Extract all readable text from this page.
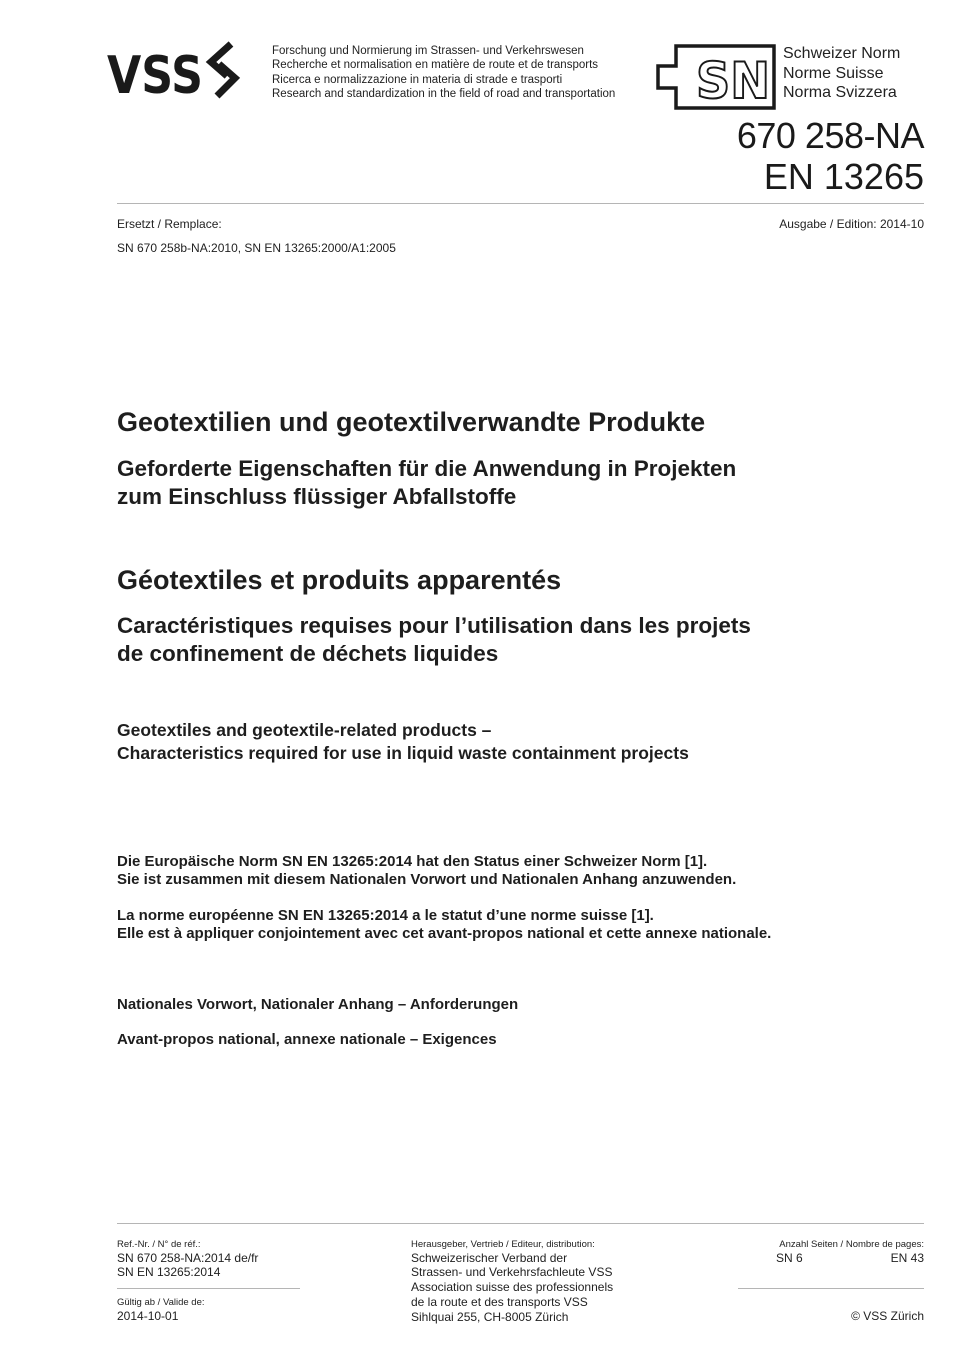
VSS	Forschung und Normierung im Strassen- und Verkehrswesen
Recherche et normalisation en matière de route et de transports
Ricerca e normalizzazione in materia di strade e trasporti
Research and standardization in the field of road and transportation SN Schweizer Norm
Norme Suisse
Norma Svizzera
670 258-NA
EN 13265
Ersetzt / Remplace:	Ausgabe / Edition: 2014-10
SN 670 258b-NA:2010, SN EN 13265:2000/A1:2005
Geotextilien und geotextilverwandte Produkte
Geforderte Eigenschaften für die Anwendung in Projekten
zum Einschluss flüssiger Abfallstoffe
Géotextiles et produits apparentés
Caractéristiques requises pour l’utilisation dans les projets
de confinement de déchets liquides
Geotextiles and geotextile-related products –
Characteristics required for use in liquid waste containment projects
Die Europäische Norm SN EN 13265:2014 hat den Status einer Schweizer Norm [1].
Sie ist zusammen mit diesem Nationalen Vorwort und Nationalen Anhang anzuwenden.
La norme européenne SN EN 13265:2014 a le statut d’une norme suisse [1].
Elle est à appliquer conjointement avec cet avant-propos national et cette annexe nationale.
Nationales Vorwort, Nationaler Anhang – Anforderungen
Avant-propos national, annexe nationale – Exigences
Ref.-Nr. / N° de réf.:
SN 670 258-NA:2014 de/fr
SN EN 13265:2014
Gültig ab / Valide de:
2014-10-01
Herausgeber, Vertrieb / Editeur, distribution:
Schweizerischer Verband der
Strassen- und Verkehrsfachleute VSS
Association suisse des professionnels
de la route et des transports VSS
Sihlquai 255, CH-8005 Zürich
Anzahl Seiten / Nombre de pages:
SN 6	EN 43
© VSS Zürich
